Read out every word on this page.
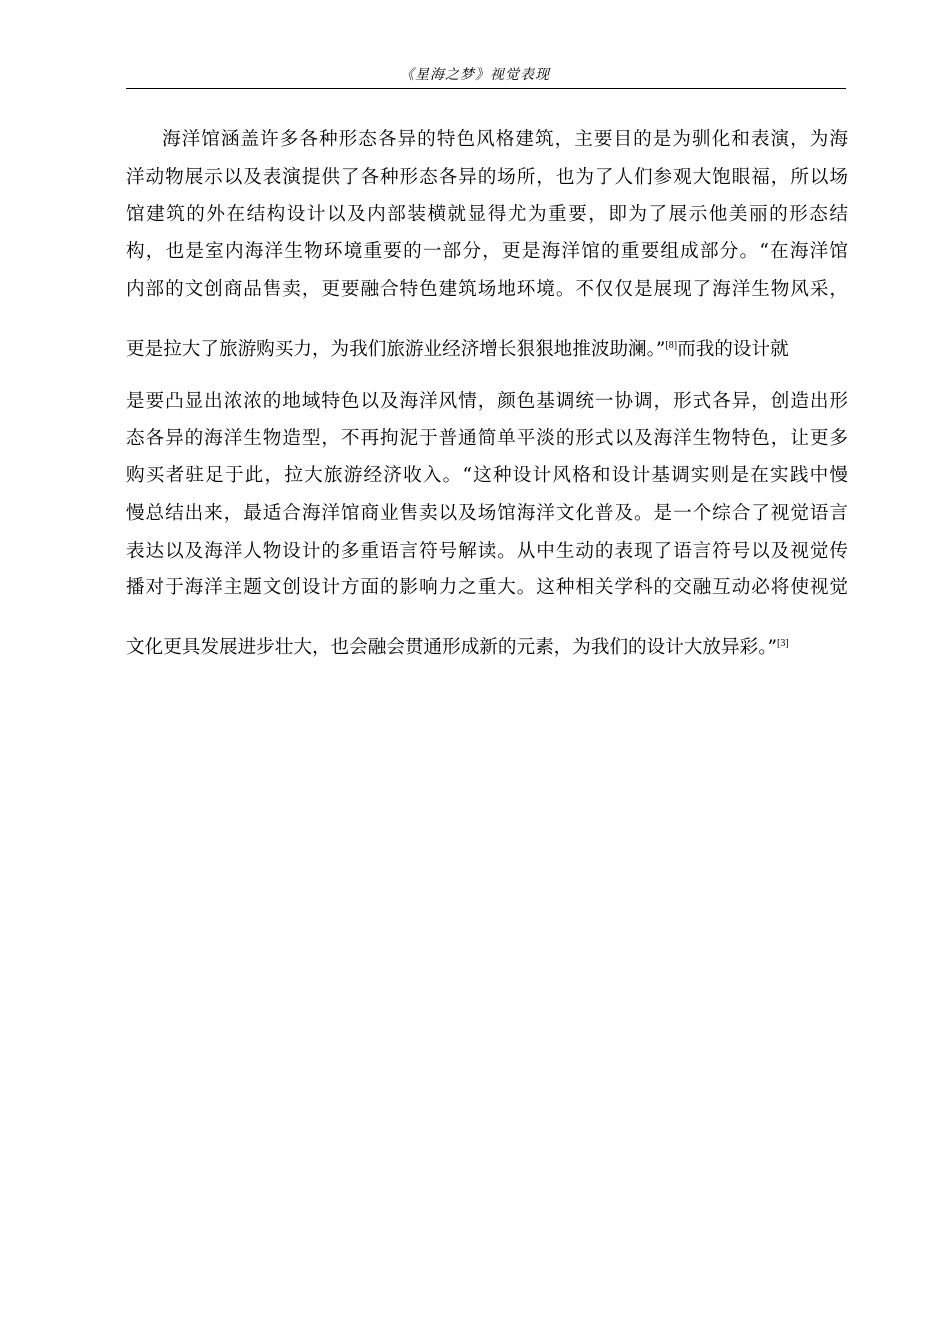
《星海之梦》视觉表现
海洋馆涵盖许多各种形态各异的特色风格建筑，主要目的是为驯化和表演，为海
洋动物展示以及表演提供了各种形态各异的场所，也为了人们参观大饱眼福，所以场
馆建筑的外在结构设计以及内部装横就显得尤为重要，即为了展示他美丽的形态结
构，也是室内海洋生物环境重要的一部分，更是海洋馆的重要组成部分。“在海洋馆
内部的文创商品售卖，更要融合特色建筑场地环境。不仅仅是展现了海洋生物风采，
更是拉大了旅游购买力，为我们旅游业经济增长狠狠地推波助澜。”[8]而我的设计就
是要凸显出浓浓的地域特色以及海洋风情，颜色基调统一协调，形式各异，创造出形
态各异的海洋生物造型，不再拘泥于普通简单平淡的形式以及海洋生物特色，让更多
购买者驻足于此，拉大旅游经济收入。“这种设计风格和设计基调实则是在实践中慢
慢总结出来，最适合海洋馆商业售卖以及场馆海洋文化普及。是一个综合了视觉语言
表达以及海洋人物设计的多重语言符号解读。从中生动的表现了语言符号以及视觉传
播对于海洋主题文创设计方面的影响力之重大。这种相关学科的交融互动必将使视觉
文化更具发展进步壮大，也会融会贯通形成新的元素，为我们的设计大放异彩。”[3]
